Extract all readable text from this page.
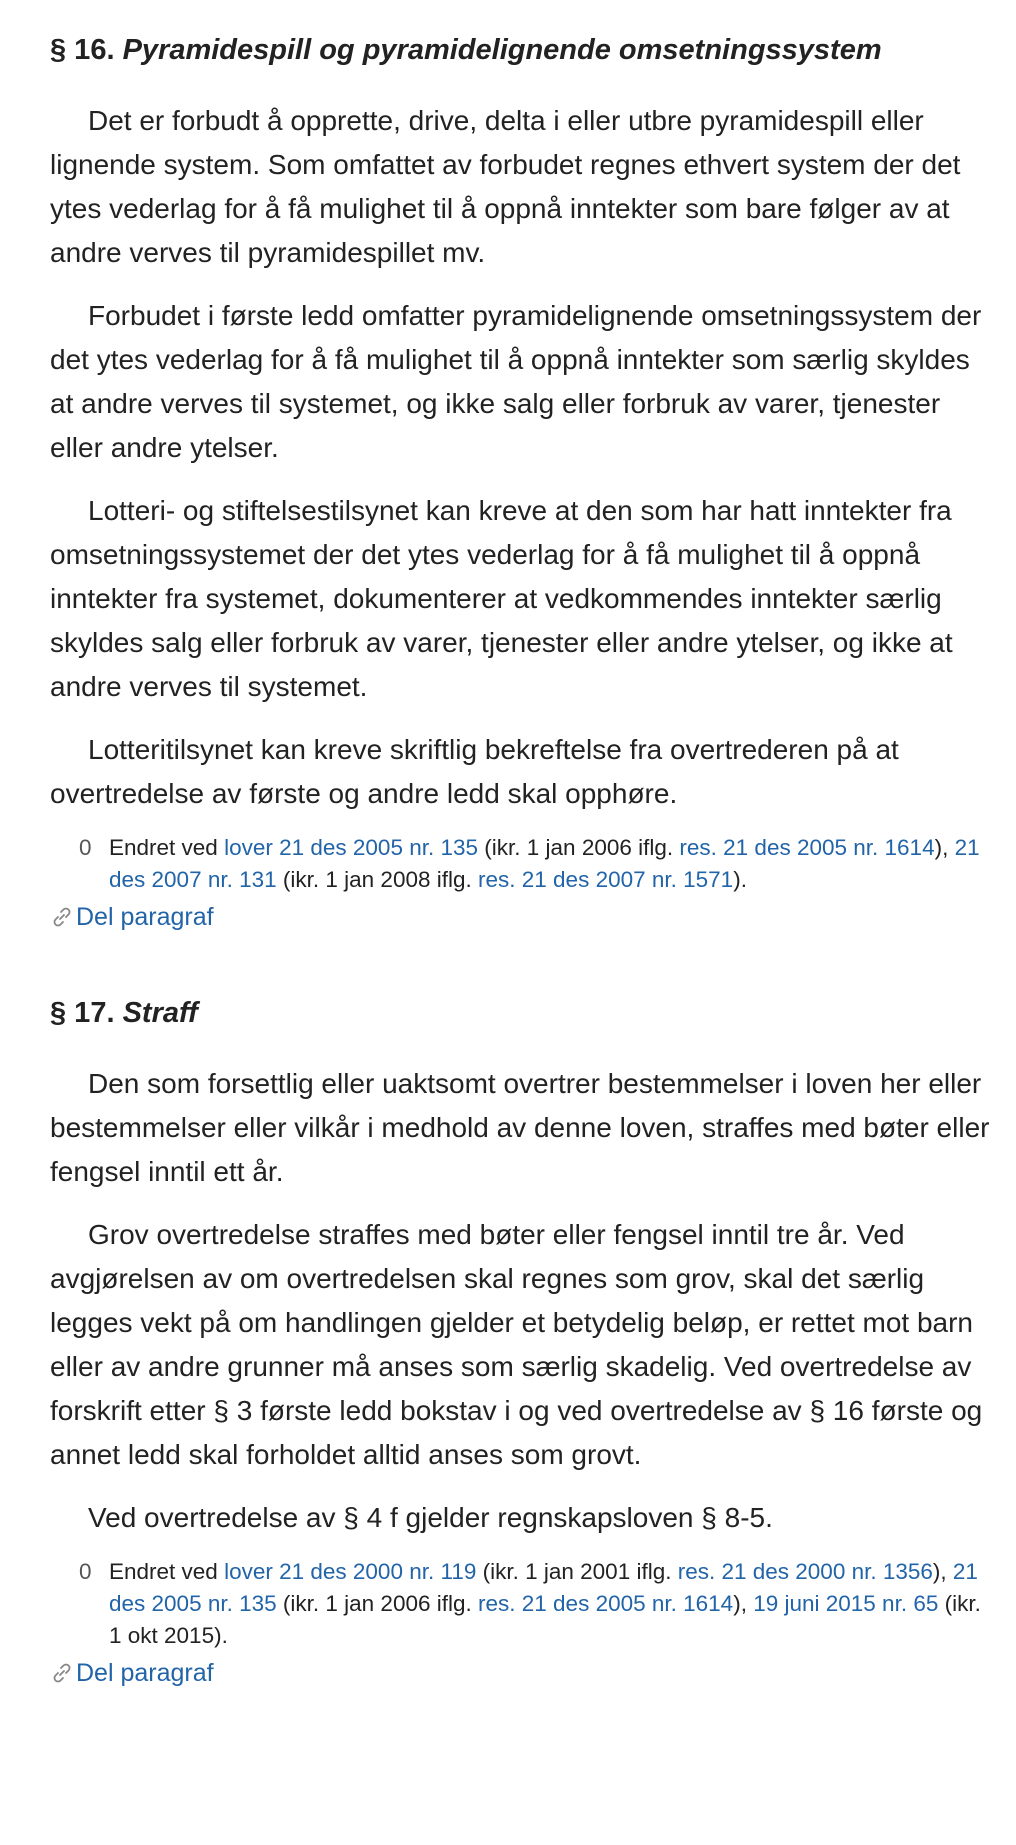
§ 16. Pyramidespill og pyramidelignende omsetningssystem

Det er forbudt å opprette, drive, delta i eller utbre pyramidespill eller lignende system. Som omfattet av forbudet regnes ethvert system der det ytes vederlag for å få mulighet til å oppnå inntekter som bare følger av at andre verves til pyramidespillet mv.

Forbudet i første ledd omfatter pyramidelignende omsetningssystem der det ytes vederlag for å få mulighet til å oppnå inntekter som særlig skyldes at andre verves til systemet, og ikke salg eller forbruk av varer, tjenester eller andre ytelser.

Lotteri- og stiftelsestilsynet kan kreve at den som har hatt inntekter fra omsetningssystemet der det ytes vederlag for å få mulighet til å oppnå inntekter fra systemet, dokumenterer at vedkommendes inntekter særlig skyldes salg eller forbruk av varer, tjenester eller andre ytelser, og ikke at andre verves til systemet.

Lotteritilsynet kan kreve skriftlig bekreftelse fra overtrederen på at overtredelse av første og andre ledd skal opphøre.

0 Endret ved lover 21 des 2005 nr. 135 (ikr. 1 jan 2006 iflg. res. 21 des 2005 nr. 1614), 21 des 2007 nr. 131 (ikr. 1 jan 2008 iflg. res. 21 des 2007 nr. 1571).
Del paragraf
§ 17. Straff

Den som forsettlig eller uaktsomt overtrer bestemmelser i loven her eller bestemmelser eller vilkår i medhold av denne loven, straffes med bøter eller fengsel inntil ett år.

Grov overtredelse straffes med bøter eller fengsel inntil tre år. Ved avgjørelsen av om overtredelsen skal regnes som grov, skal det særlig legges vekt på om handlingen gjelder et betydelig beløp, er rettet mot barn eller av andre grunner må anses som særlig skadelig. Ved overtredelse av forskrift etter § 3 første ledd bokstav i og ved overtredelse av § 16 første og annet ledd skal forholdet alltid anses som grovt.

Ved overtredelse av § 4 f gjelder regnskapsloven § 8-5.

0 Endret ved lover 21 des 2000 nr. 119 (ikr. 1 jan 2001 iflg. res. 21 des 2000 nr. 1356), 21 des 2005 nr. 135 (ikr. 1 jan 2006 iflg. res. 21 des 2005 nr. 1614), 19 juni 2015 nr. 65 (ikr. 1 okt 2015).
Del paragraf
